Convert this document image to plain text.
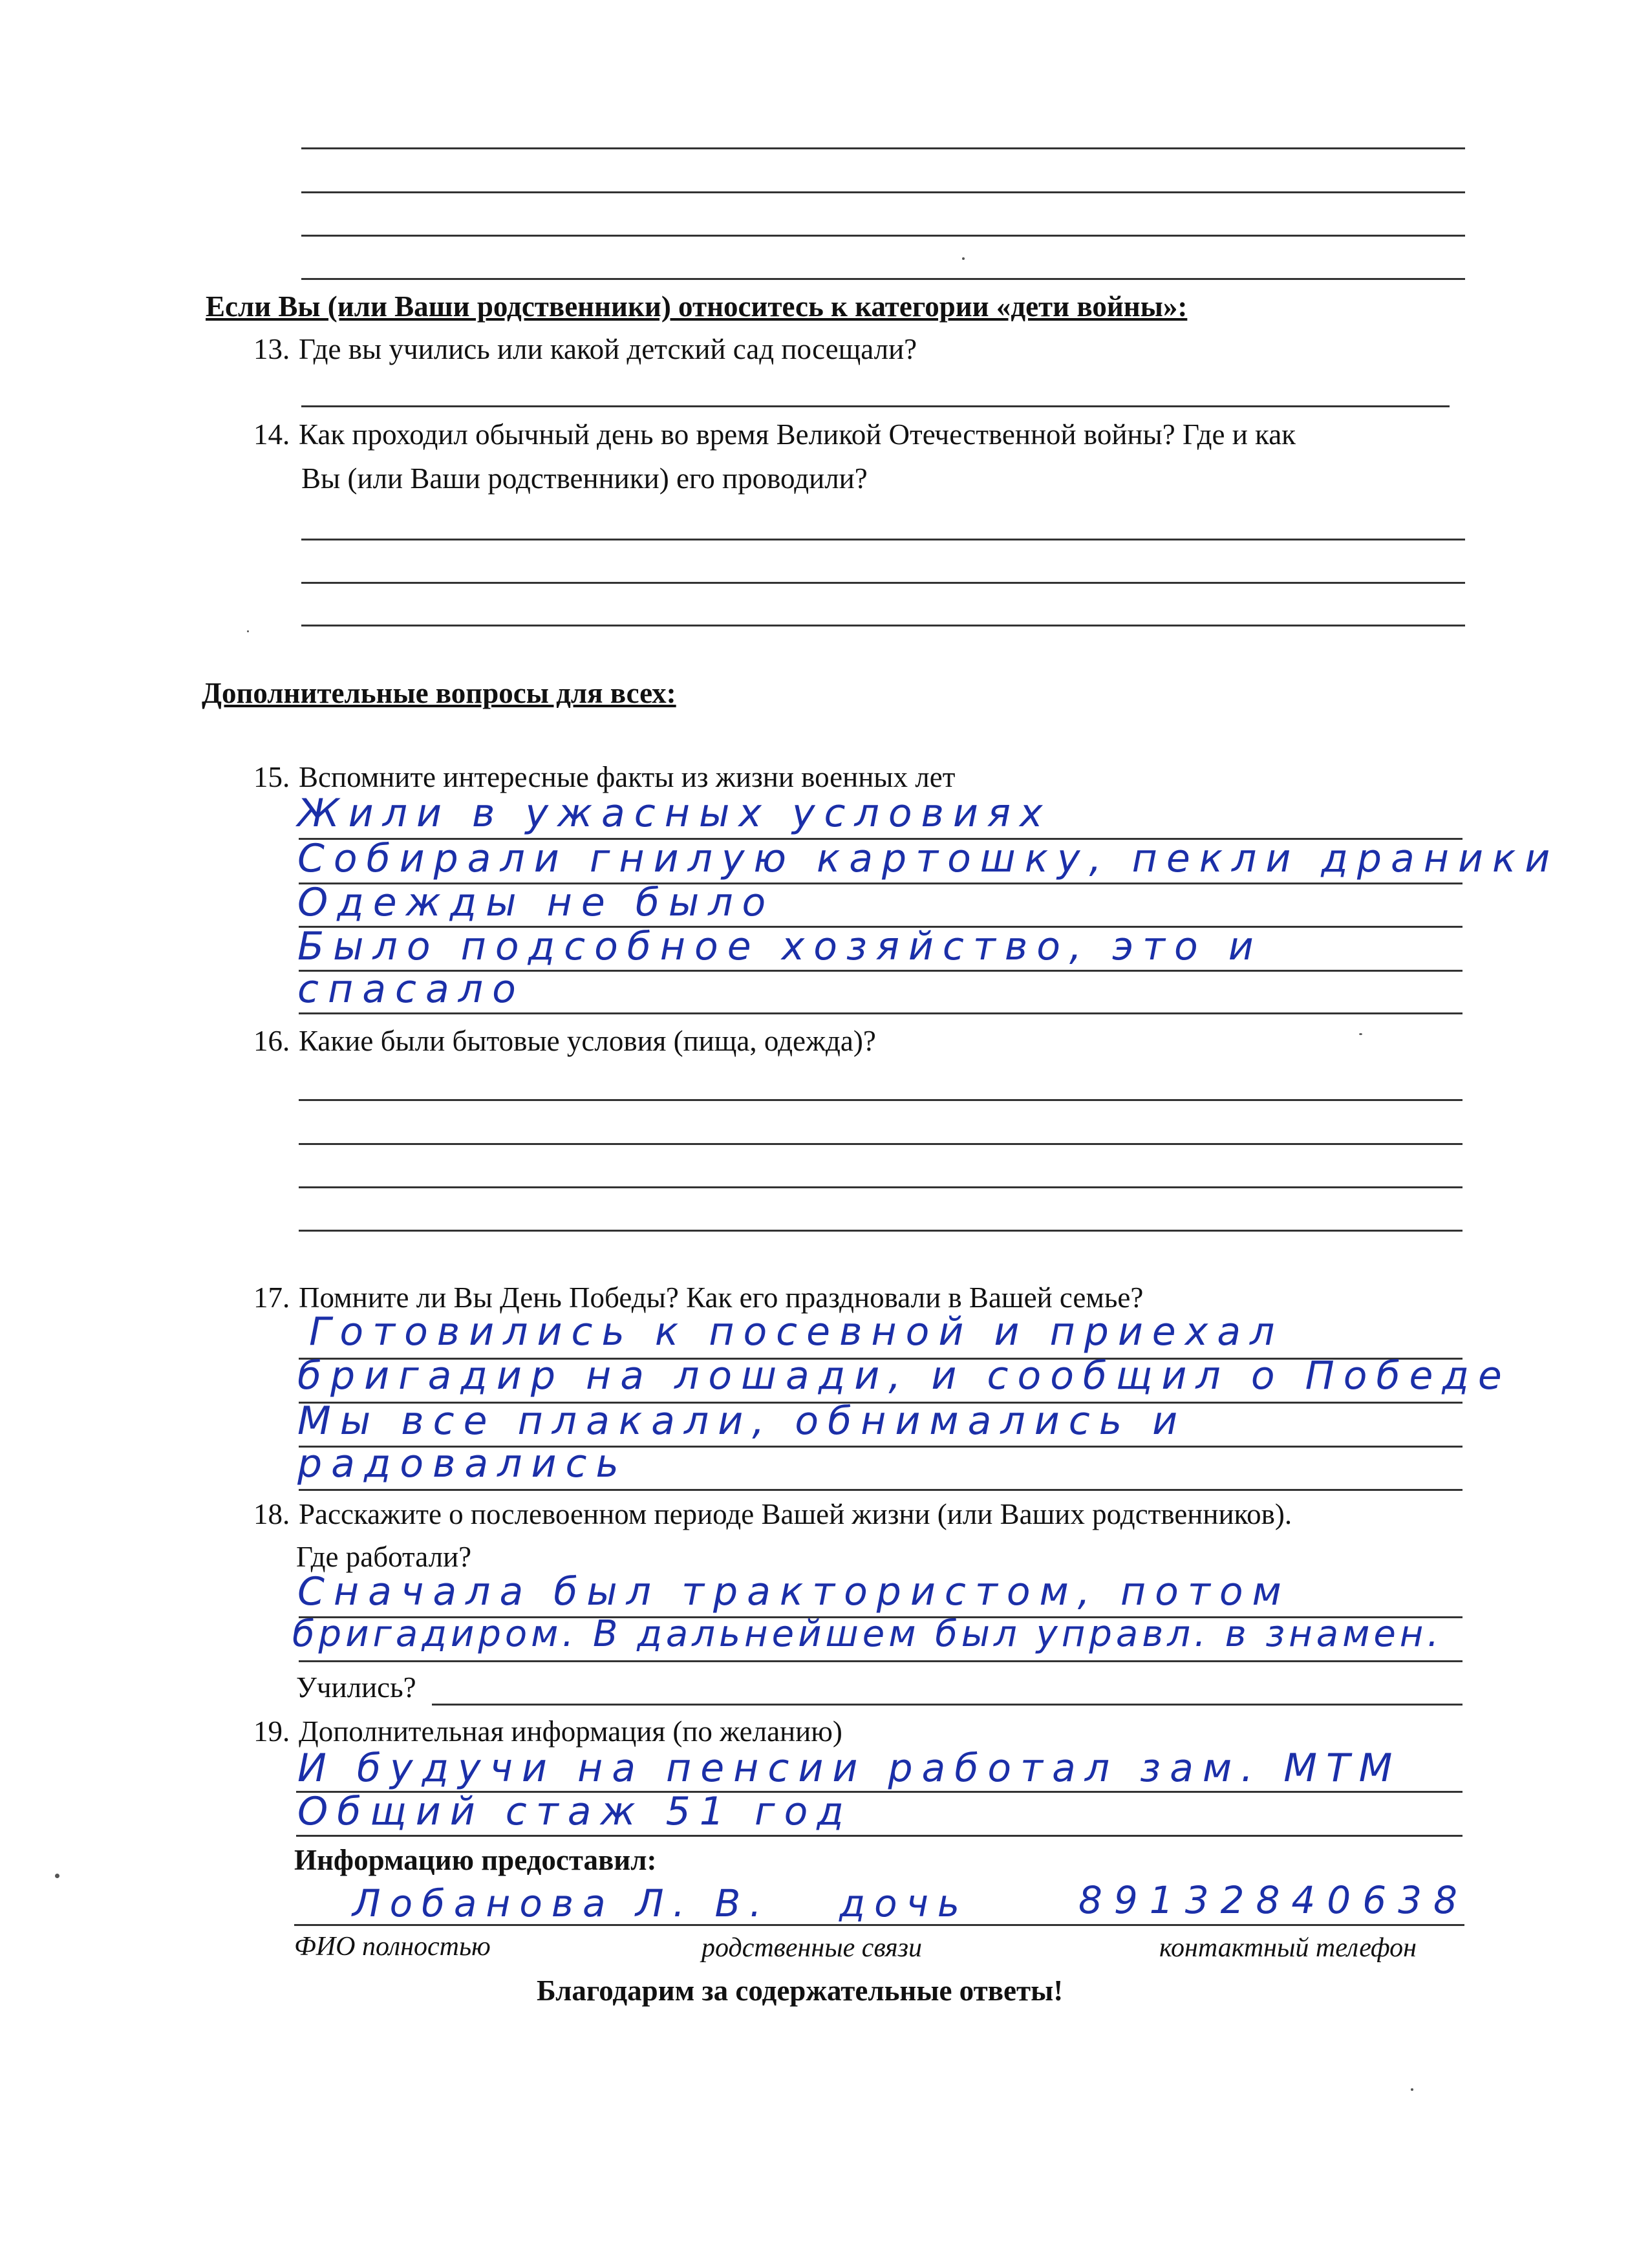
Если Вы (или Ваши родственники) относитесь к категории «дети войны»:
13. Где вы учились или какой детский сад посещали?
14. Как проходил обычный день во время Великой Отечественной войны? Где и как
Вы (или Ваши родственники) его проводили?
Дополнительные вопросы для всех:
15. Вспомните интересные факты из жизни военных лет
Жили в ужасных условиях
Собирали гнилую картошку, пекли драники
Одежды не было
Было подсобное хозяйство, это и
спасало
16. Какие были бытовые условия (пища, одежда)?
17. Помните ли Вы День Победы? Как его праздновали в Вашей семье?
Готовились к посевной и приехал
бригадир на лошади, и сообщил о Победе
Мы все плакали, обнимались и
радовались
18. Расскажите о послевоенном периоде Вашей жизни (или Ваших родственников).
Где работали?
Сначала был трактористом, потом
бригадиром. В дальнейшем был управл. в знамен.
Учились?
19. Дополнительная информация (по желанию)
И будучи на пенсии работал зам. МТМ
Общий стаж 51 год
Информацию предоставил:
Лобанова Л. В. дочь	89132840638
ФИО полностью	родственные связи	контактный телефон
Благодарим за содержательные ответы!
